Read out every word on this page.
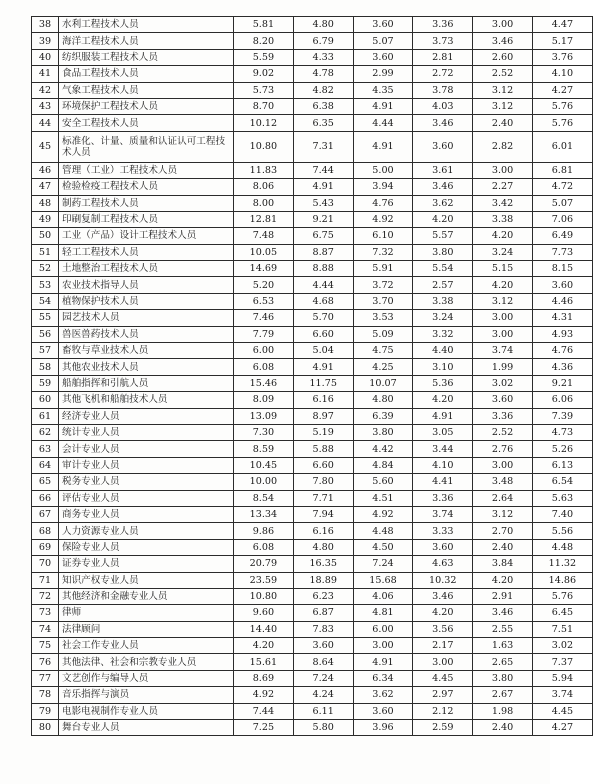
38	水利工程技术人员	5.81	4.80	3.60	3.36	3.00	4.47
39	海洋工程技术人员	8.20	6.79	5.07	3.73	3.46	5.17
40	纺织服装工程技术人员	5.59	4.33	3.60	2.81	2.60	3.76
41	食品工程技术人员	9.02	4.78	2.99	2.72	2.52	4.10
42	气象工程技术人员	5.73	4.82	4.35	3.78	3.12	4.27
43	环境保护工程技术人员	8.70	6.38	4.91	4.03	3.12	5.76
44	安全工程技术人员	10.12	6.35	4.44	3.46	2.40	5.76
45	标准化、计量、质量和认证认可工程技术人员	10.80	7.31	4.91	3.60	2.82	6.01
46	管理（工业）工程技术人员	11.83	7.44	5.00	3.61	3.00	6.81
47	检验检疫工程技术人员	8.06	4.91	3.94	3.46	2.27	4.72
48	制药工程技术人员	8.00	5.43	4.76	3.62	3.42	5.07
49	印刷复制工程技术人员	12.81	9.21	4.92	4.20	3.38	7.06
50	工业（产品）设计工程技术人员	7.48	6.75	6.10	5.57	4.20	6.49
51	轻工工程技术人员	10.05	8.87	7.32	3.80	3.24	7.73
52	土地整治工程技术人员	14.69	8.88	5.91	5.54	5.15	8.15
53	农业技术指导人员	5.20	4.44	3.72	2.57	4.20	3.60
54	植物保护技术人员	6.53	4.68	3.70	3.38	3.12	4.46
55	园艺技术人员	7.46	5.70	3.53	3.24	3.00	4.31
56	兽医兽药技术人员	7.79	6.60	5.09	3.32	3.00	4.93
57	畜牧与草业技术人员	6.00	5.04	4.75	4.40	3.74	4.76
58	其他农业技术人员	6.08	4.91	4.25	3.10	1.99	4.36
59	船舶指挥和引航人员	15.46	11.75	10.07	5.36	3.02	9.21
60	其他飞机和船舶技术人员	8.09	6.16	4.80	4.20	3.60	6.06
61	经济专业人员	13.09	8.97	6.39	4.91	3.36	7.39
62	统计专业人员	7.30	5.19	3.80	3.05	2.52	4.73
63	会计专业人员	8.59	5.88	4.42	3.44	2.76	5.26
64	审计专业人员	10.45	6.60	4.84	4.10	3.00	6.13
65	税务专业人员	10.00	7.80	5.60	4.41	3.48	6.54
66	评估专业人员	8.54	7.71	4.51	3.36	2.64	5.63
67	商务专业人员	13.34	7.94	4.92	3.74	3.12	7.40
68	人力资源专业人员	9.86	6.16	4.48	3.33	2.70	5.56
69	保险专业人员	6.08	4.80	4.50	3.60	2.40	4.48
70	证券专业人员	20.79	16.35	7.24	4.63	3.84	11.32
71	知识产权专业人员	23.59	18.89	15.68	10.32	4.20	14.86
72	其他经济和金融专业人员	10.80	6.23	4.06	3.46	2.91	5.76
73	律师	9.60	6.87	4.81	4.20	3.46	6.45
74	法律顾问	14.40	7.83	6.00	3.56	2.55	7.51
75	社会工作专业人员	4.20	3.60	3.00	2.17	1.63	3.02
76	其他法律、社会和宗教专业人员	15.61	8.64	4.91	3.00	2.65	7.37
77	文艺创作与编导人员	8.69	7.24	6.34	4.45	3.80	5.94
78	音乐指挥与演员	4.92	4.24	3.62	2.97	2.67	3.74
79	电影电视制作专业人员	7.44	6.11	3.60	2.12	1.98	4.45
80	舞台专业人员	7.25	5.80	3.96	2.59	2.40	4.27
